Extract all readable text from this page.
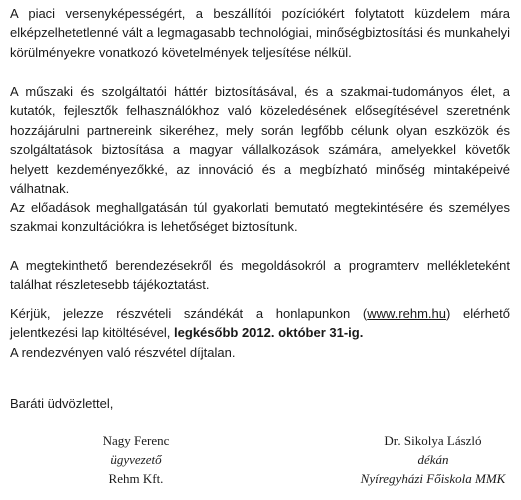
A piaci versenyképességért, a beszállítói pozíciókért folytatott küzdelem mára elképzelhetetlenné vált a legmagasabb technológiai, minőségbiztosítási és munkahelyi körülményekre vonatkozó követelmények teljesítése nélkül.

A műszaki és szolgáltatói háttér biztosításával, és a szakmai-tudományos élet, a kutatók, fejlesztők felhasználókhoz való közeledésének elősegítésével szeretnénk hozzájárulni partnereink sikeréhez, mely során legfőbb célunk olyan eszközök és szolgáltatások biztosítása a magyar vállalkozások számára, amelyekkel követők helyett kezdeményezőkké, az innováció és a megbízható minőség mintaképeivé válhatnak.

Az előadások meghallgatásán túl gyakorlati bemutató megtekintésére és személyes szakmai konzultációkra is lehetőséget biztosítunk.

A megtekinthető berendezésekről és megoldásokról a programterv mellékleteként találhat részletesebb tájékoztatást.

Kérjük, jelezze részvételi szándékát a honlapunkon (www.rehm.hu) elérhető jelentkezési lap kitöltésével, legkésőbb 2012. október 31-ig.
A rendezvényen való részvétel díjtalan.

Baráti üdvözlettel,

Nagy Ferenc
ügyvezető
Rehm Kft.
Dr. Sikolya László
dékán
Nyíregyházi Főiskola MMK
